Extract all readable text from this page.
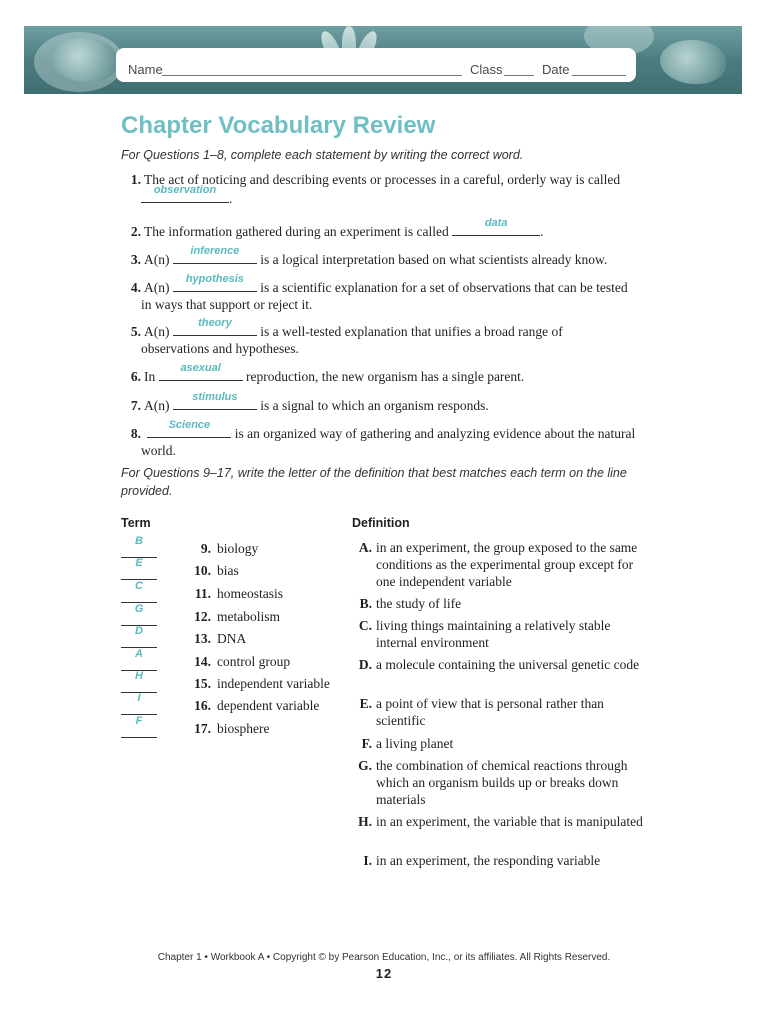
Name	Class	Date
Chapter Vocabulary Review
For Questions 1–8, complete each statement by writing the correct word.
1. The act of noticing and describing events or processes in a careful, orderly way is called

observation
.
2. The information gathered during an experiment is called
data
.
3. A(n)
inference
is a logical interpretation based on what scientists already know.
4. A(n)
hypothesis
is a scientific explanation for a set of observations that can be tested
in ways that support or reject it.
5. A(n)
theory
is a well-tested explanation that unifies a broad range of
observations and hypotheses.
6. In
asexual
reproduction, the new organism has a single parent.
7. A(n)
stimulus
is a signal to which an organism responds.
8.
Science
is an organized way of gathering and analyzing evidence about the natural
world.
For Questions 9–17, write the letter of the definition that best matches each term on the line provided.
Term	Definition
B	9. biology
E	10. bias
C	11. homeostasis
G	12. metabolism
D	13. DNA
A	14. control group
H	15. independent variable
I	16. dependent variable
F	17. biosphere
A. in an experiment, the group exposed to the same conditions as the experimental group except for one independent variable
B. the study of life
C. living things maintaining a relatively stable internal environment
D. a molecule containing the universal genetic code
E. a point of view that is personal rather than scientific
F. a living planet
G. the combination of chemical reactions through which an organism builds up or breaks down materials
H. in an experiment, the variable that is manipulated
I. in an experiment, the responding variable
Chapter 1 • Workbook A • Copyright © by Pearson Education, Inc., or its affiliates. All Rights Reserved.
12
